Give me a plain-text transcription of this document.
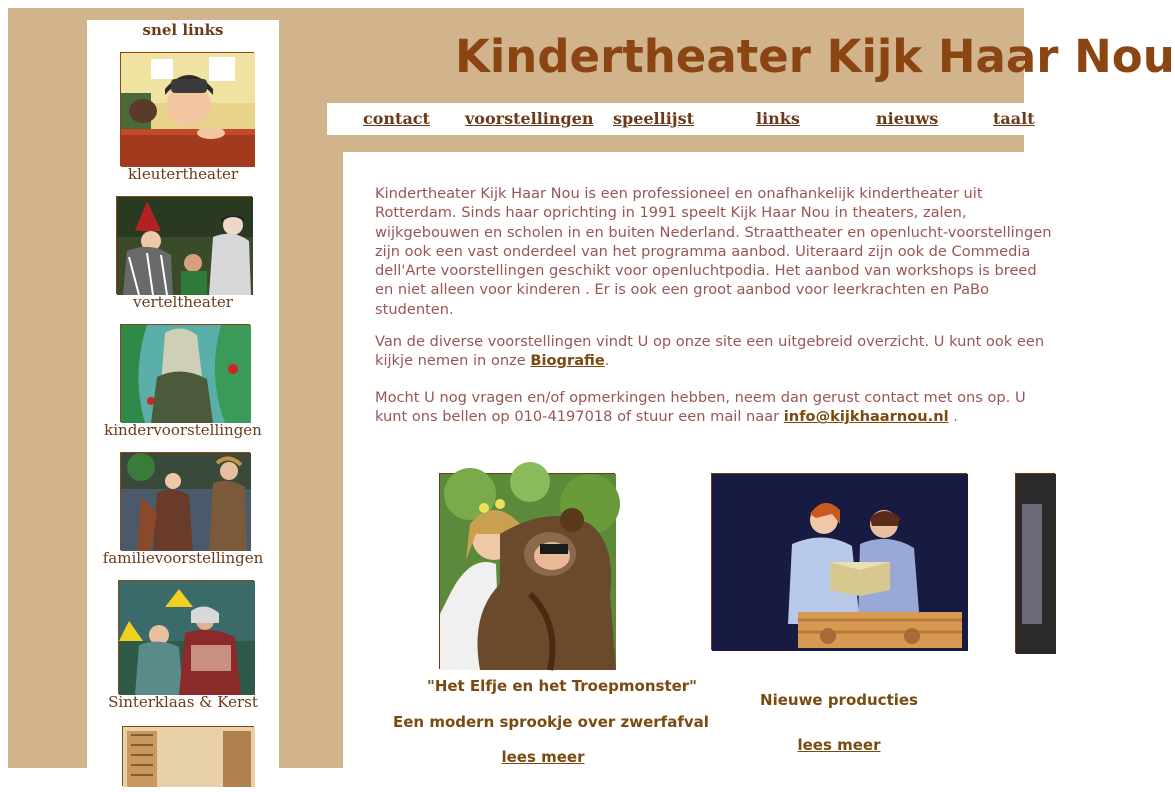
snel links
kleutertheater
verteltheater
kindervoorstellingen
familievoorstellingen
Sinterklaas & Kerst
Kindertheater Kijk Haar Nou
contact voorstellingen speellijst	links	nieuws	taalt

Kindertheater Kijk Haar Nou is een professioneel en onafhankelijk kindertheater uit Rotterdam. Sinds haar oprichting in 1991 speelt Kijk Haar Nou in theaters, zalen, wijkgebouwen en scholen in en buiten Nederland. Straattheater en openlucht-voorstellingen zijn ook een vast onderdeel van het programma aanbod. Uiteraard zijn ook de Commedia dell'Arte voorstellingen geschikt voor openluchtpodia. Het aanbod van workshops is breed en niet alleen voor kinderen . Er is ook een groot aanbod voor leerkrachten en PaBo studenten.

Van de diverse voorstellingen vindt U op onze site een uitgebreid overzicht. U kunt ook een kijkje nemen in onze Biografie.

Mocht U nog vragen en/of opmerkingen hebben, neem dan gerust contact met ons op. U kunt ons bellen op 010-4197018 of stuur een mail naar info@kijkhaarnou.nl .

"Het Elfje en het Troepmonster"
Een modern sprookje over zwerfafval
lees meer
Nieuwe producties
lees meer
